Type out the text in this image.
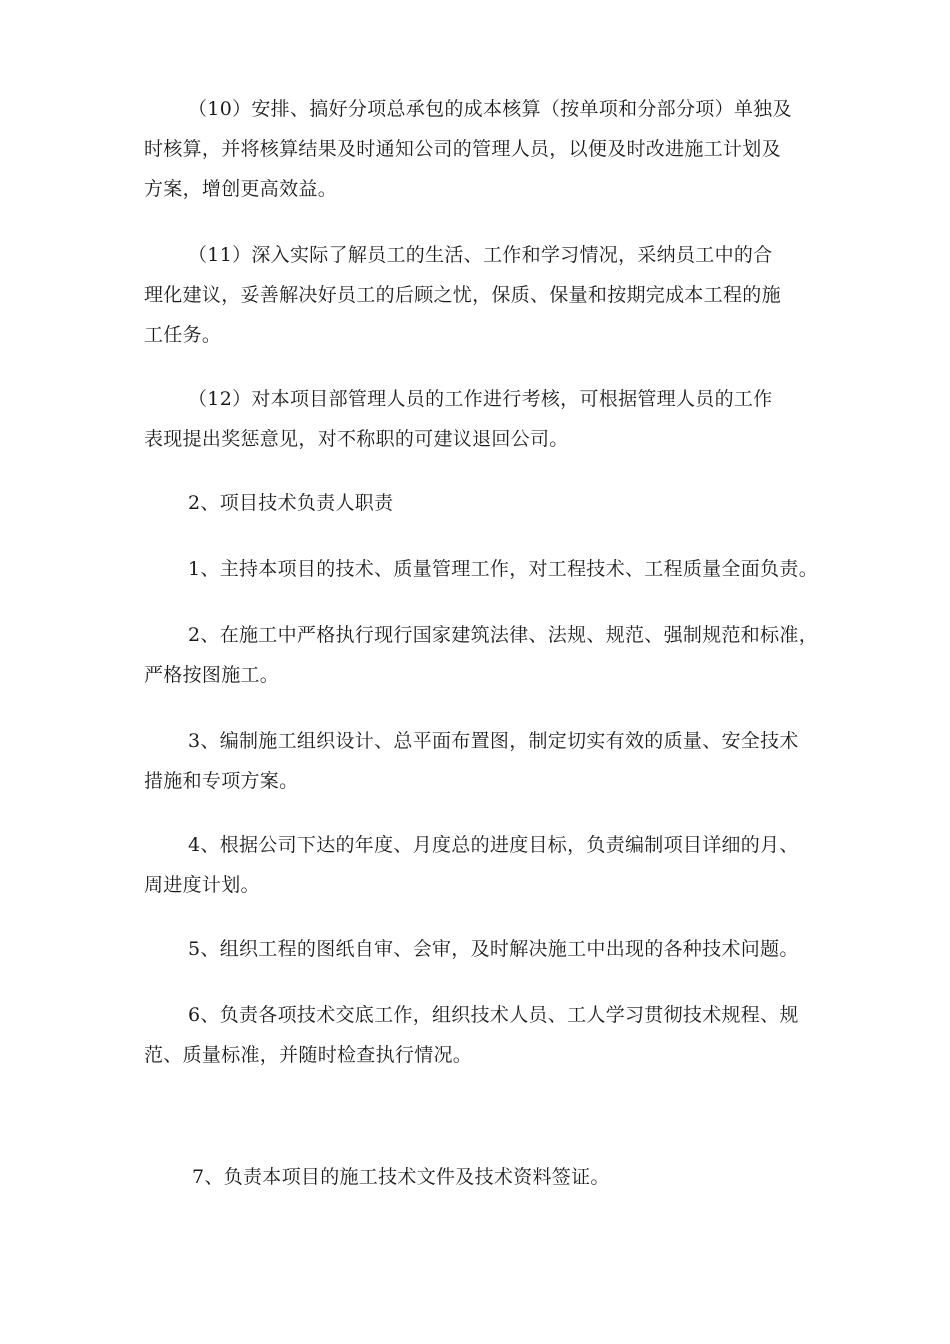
（10）安排、搞好分项总承包的成本核算（按单项和分部分项）单独及
时核算，并将核算结果及时通知公司的管理人员，以便及时改进施工计划及
方案，增创更高效益。
（11）深入实际了解员工的生活、工作和学习情况，采纳员工中的合
理化建议，妥善解决好员工的后顾之忧，保质、保量和按期完成本工程的施
工任务。
（12）对本项目部管理人员的工作进行考核，可根据管理人员的工作
表现提出奖惩意见，对不称职的可建议退回公司。
2、项目技术负责人职责
1、主持本项目的技术、质量管理工作，对工程技术、工程质量全面负责。
2、在施工中严格执行现行国家建筑法律、法规、规范、强制规范和标准，
严格按图施工。
3、编制施工组织设计、总平面布置图，制定切实有效的质量、安全技术
措施和专项方案。
4、根据公司下达的年度、月度总的进度目标，负责编制项目详细的月、
周进度计划。
5、组织工程的图纸自审、会审，及时解决施工中出现的各种技术问题。
6、负责各项技术交底工作，组织技术人员、工人学习贯彻技术规程、规
范、质量标准，并随时检查执行情况。
7、负责本项目的施工技术文件及技术资料签证。
